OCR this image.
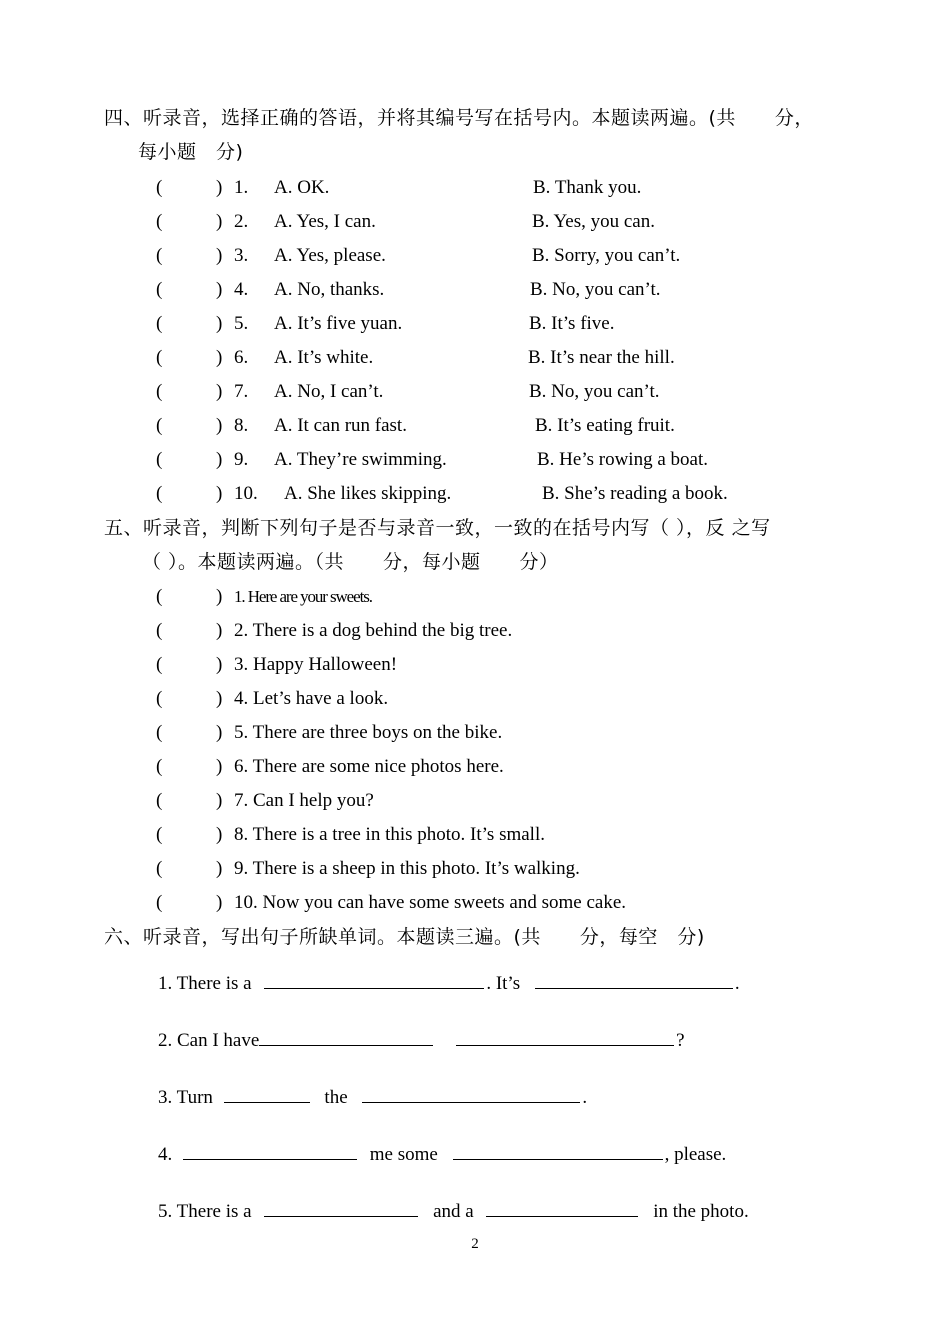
四、听录音，选择正确的答语，并将其编号写在括号内。本题读两遍。(共　　分，
每小题　分)
(	) 1. A. OK.	B. Thank you.
(	) 2. A. Yes, I can.	B. Yes, you can.
(	) 3. A. Yes, please.	B. Sorry, you can’t.
(	) 4. A. No, thanks.	B. No, you can’t.
(	) 5. A. It’s five yuan.	B. It’s five.
(	) 6. A. It’s white.	B. It’s near the hill.
(	) 7. A. No, I can’t.	B. No, you can’t.
(	) 8. A. It can run fast.	B. It’s eating fruit.
(	) 9. A. They’re swimming.	B. He’s rowing a boat.
(	) 10. A. She likes skipping.	B. She’s reading a book.
五、听录音，判断下列句子是否与录音一致，一致的在括号内写（ ），反 之写
（ ）。本题读两遍。（共　　分，每小题　　分）
(	) 1. Here are your sweets.
(	) 2. There is a dog behind the big tree.
(	) 3. Happy Halloween!
(	) 4. Let’s have a look.
(	) 5. There are three boys on the bike.
(	) 6. There are some nice photos here.
(	) 7. Can I help you?
(	) 8. There is a tree in this photo. It’s small.
(	) 9. There is a sheep in this photo. It’s walking.
(	) 10. Now you can have some sweets and some cake.
六、听录音，写出句子所缺单词。本题读三遍。(共　　分，每空　分)
1. There is a	. It’s	.
2. Can I have	?
3. Turn	the	.
4.	me some	, please.
5. There is a	and a	in the photo.
2
